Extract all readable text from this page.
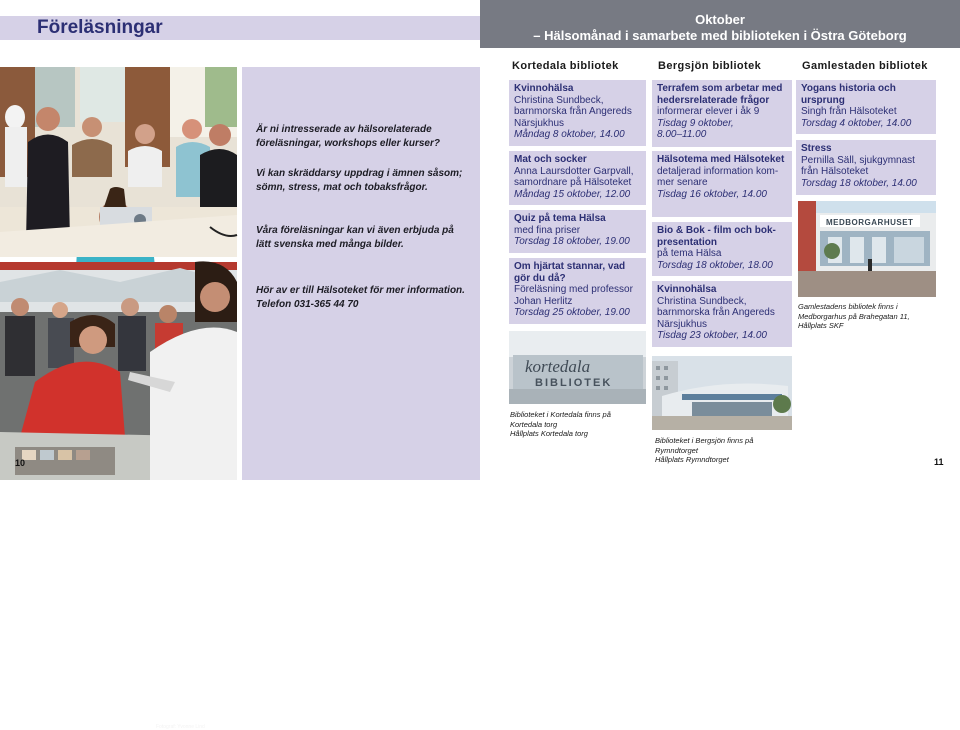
Föreläsningar
Fotograf: Yvonne Lind
10

Är ni intresserade av hälsorelaterade föreläsningar, workshops eller kurser?

Vi kan skräddarsy uppdrag i ämnen såsom; sömn, stress, mat och tobaksfrågor.

Våra föreläsningar kan vi även erbjuda på lätt svenska med många bilder.

Hör av er till Hälsoteket för mer information. Telefon 031-365 44 70

Oktober
– Hälsomånad i samarbete med biblioteken i Östra Göteborg
Kortedala bibliotek	Bergsjön bibliotek	Gamlestaden bibliotek
Kvinnohälsa
Christina Sundbeck,
barnmorska från Angereds
Närsjukhus
Måndag 8 oktober, 14.00
Mat och socker
Anna Laursdotter Garpvall,
samordnare på Hälsoteket
Måndag 15 oktober, 12.00
Quiz på tema Hälsa
med fina priser
Torsdag 18 oktober, 19.00
Om hjärtat stannar, vad gör du då?
Föreläsning med professor
Johan Herlitz
Torsdag 25 oktober, 19.00
kortedala
BIBLIOTEK
Biblioteket i Kortedala finns på
Kortedala torg
Hållplats Kortedala torg
Terrafem som arbetar med hedersrelaterade frågor
informerar elever i åk 9
Tisdag 9 oktober,
8.00–11.00
Hälsotema med Hälsoteket
detaljerad information kom-
mer senare
Tisdag 16 oktober, 14.00
Bio & Bok - film och bok-presentation
på tema Hälsa
Torsdag 18 oktober, 18.00
Kvinnohälsa
Christina Sundbeck,
barnmorska från Angereds
Närsjukhus
Tisdag 23 oktober, 14.00
Biblioteket i Bergsjön finns på
Rymndtorget
Hållplats Rymndtorget
Yogans historia och ursprung
Singh från Hälsoteket
Torsdag 4 oktober, 14.00
Stress
Pernilla Säll, sjukgymnast
från Hälsoteket
Torsdag 18 oktober, 14.00
MEDBORGARHUSET
Gamlestadens bibliotek finns i
Medborgarhus på Brahegatan 11,
Hållplats SKF
11
